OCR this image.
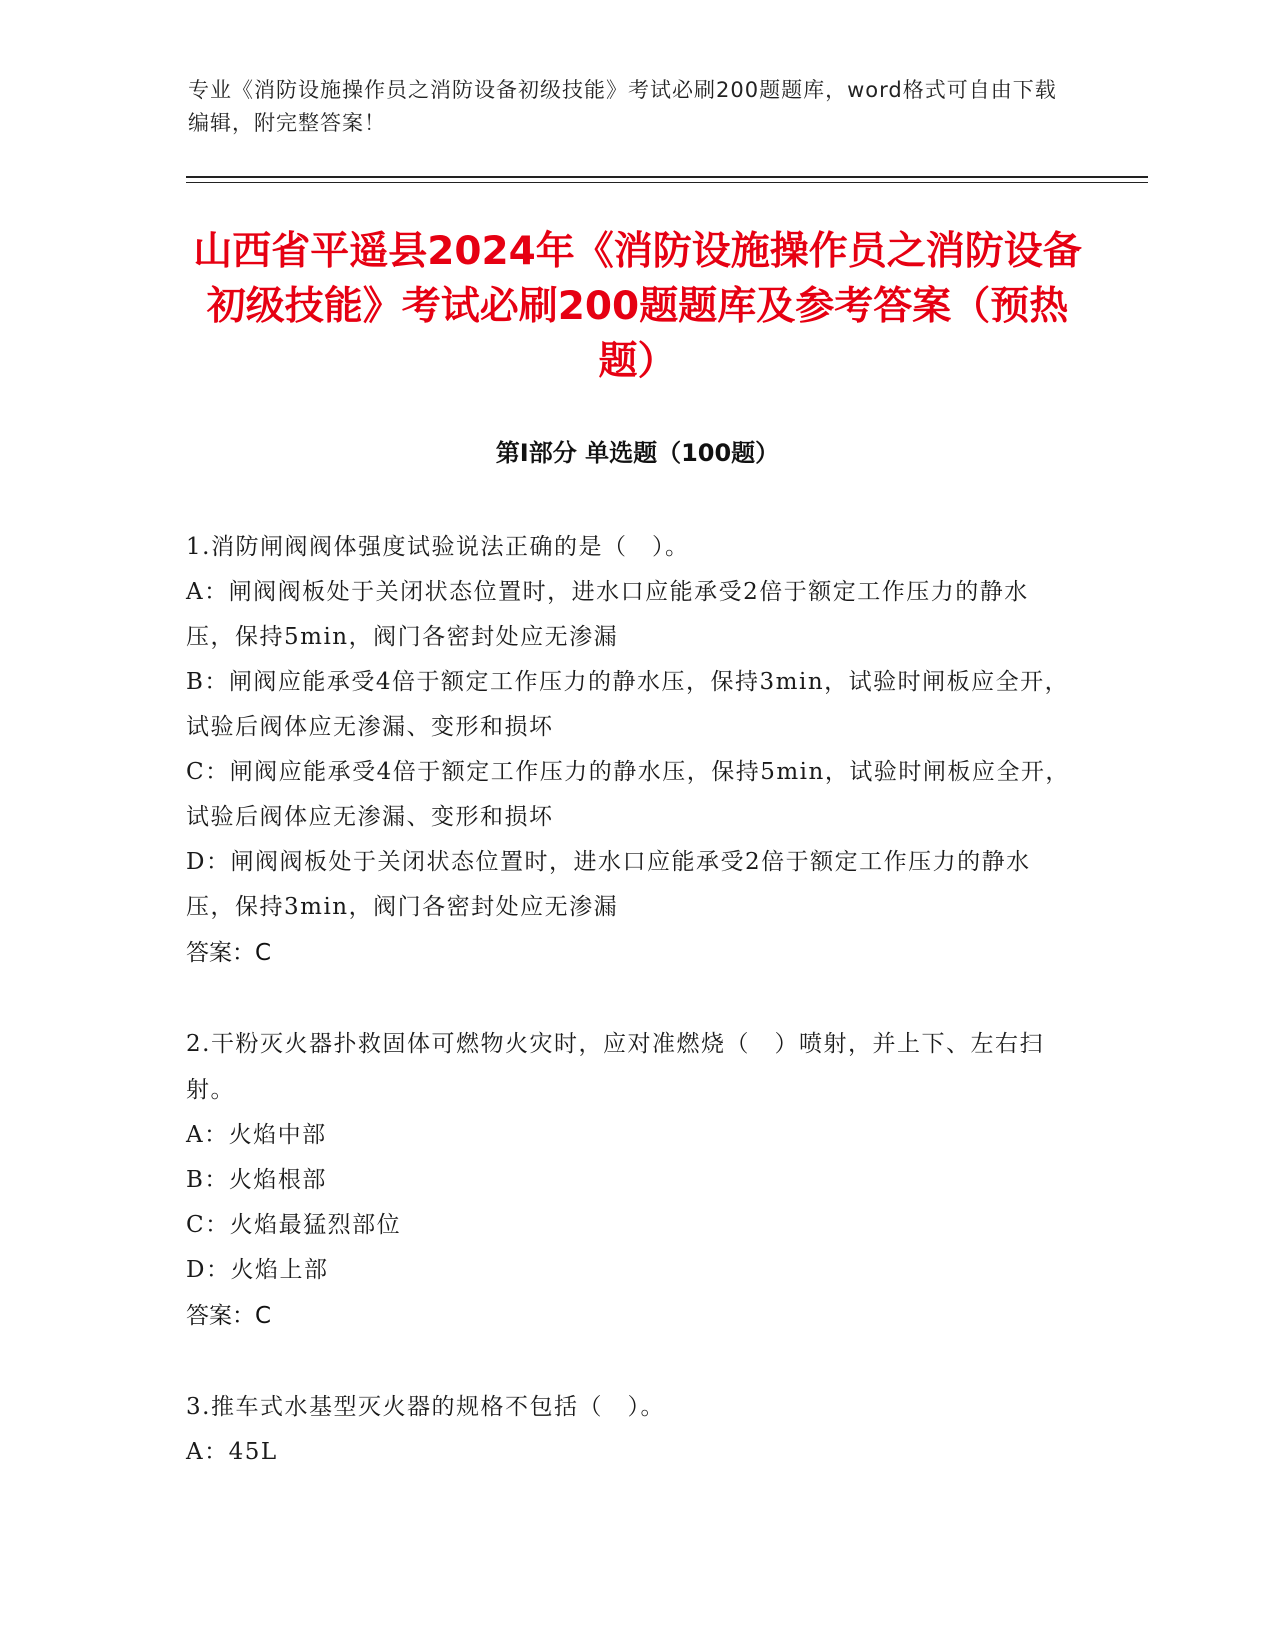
专业《消防设施操作员之消防设备初级技能》考试必刷200题题库，word格式可自由下载编辑，附完整答案！
山西省平遥县2024年《消防设施操作员之消防设备初级技能》考试必刷200题题库及参考答案（预热题）
第I部分 单选题（100题）

1.消防闸阀阀体强度试验说法正确的是（　）。

A：闸阀阀板处于关闭状态位置时，进水口应能承受2倍于额定工作压力的静水压，保持5min，阀门各密封处应无渗漏

B：闸阀应能承受4倍于额定工作压力的静水压，保持3min，试验时闸板应全开，试验后阀体应无渗漏、变形和损坏

C：闸阀应能承受4倍于额定工作压力的静水压，保持5min，试验时闸板应全开，试验后阀体应无渗漏、变形和损坏

D：闸阀阀板处于关闭状态位置时，进水口应能承受2倍于额定工作压力的静水压，保持3min，阀门各密封处应无渗漏

答案：C

2.干粉灭火器扑救固体可燃物火灾时，应对准燃烧（　）喷射，并上下、左右扫射。

A：火焰中部

B：火焰根部

C：火焰最猛烈部位

D：火焰上部

答案：C

3.推车式水基型灭火器的规格不包括（　）。

A：45L
